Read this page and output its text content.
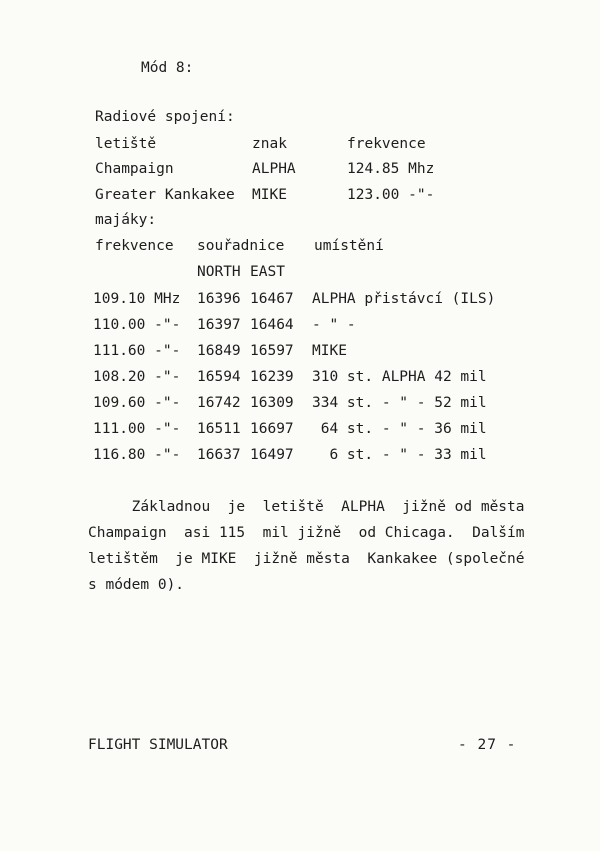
Mód 8:
Radiové spojení:
letiště	znak	frekvence
Champaign	ALPHA	124.85 Mhz
Greater Kankakee MIKE	123.00 -"-
majáky:
frekvence souřadnice umístění
NORTH EAST
109.10 MHz 16396 16467 ALPHA přistávcí (ILS)
110.00 -"- 16397 16464 - " -
111.60 -"- 16849 16597 MIKE
108.20 -"- 16594 16239 310 st. ALPHA 42 mil
109.60 -"- 16742 16309 334 st. - " - 52 mil
111.00 -"- 16511 16697 64 st. - " - 36 mil
116.80 -"- 16637 16497 6 st. - " - 33 mil
Základnou  je  letiště  ALPHA  jižně od města
Champaign  asi 115  mil jižně  od Chicaga.  Dalším
letištěm  je MIKE  jižně města  Kankakee (společné
s módem 0).
FLIGHT SIMULATOR	- 27 -
